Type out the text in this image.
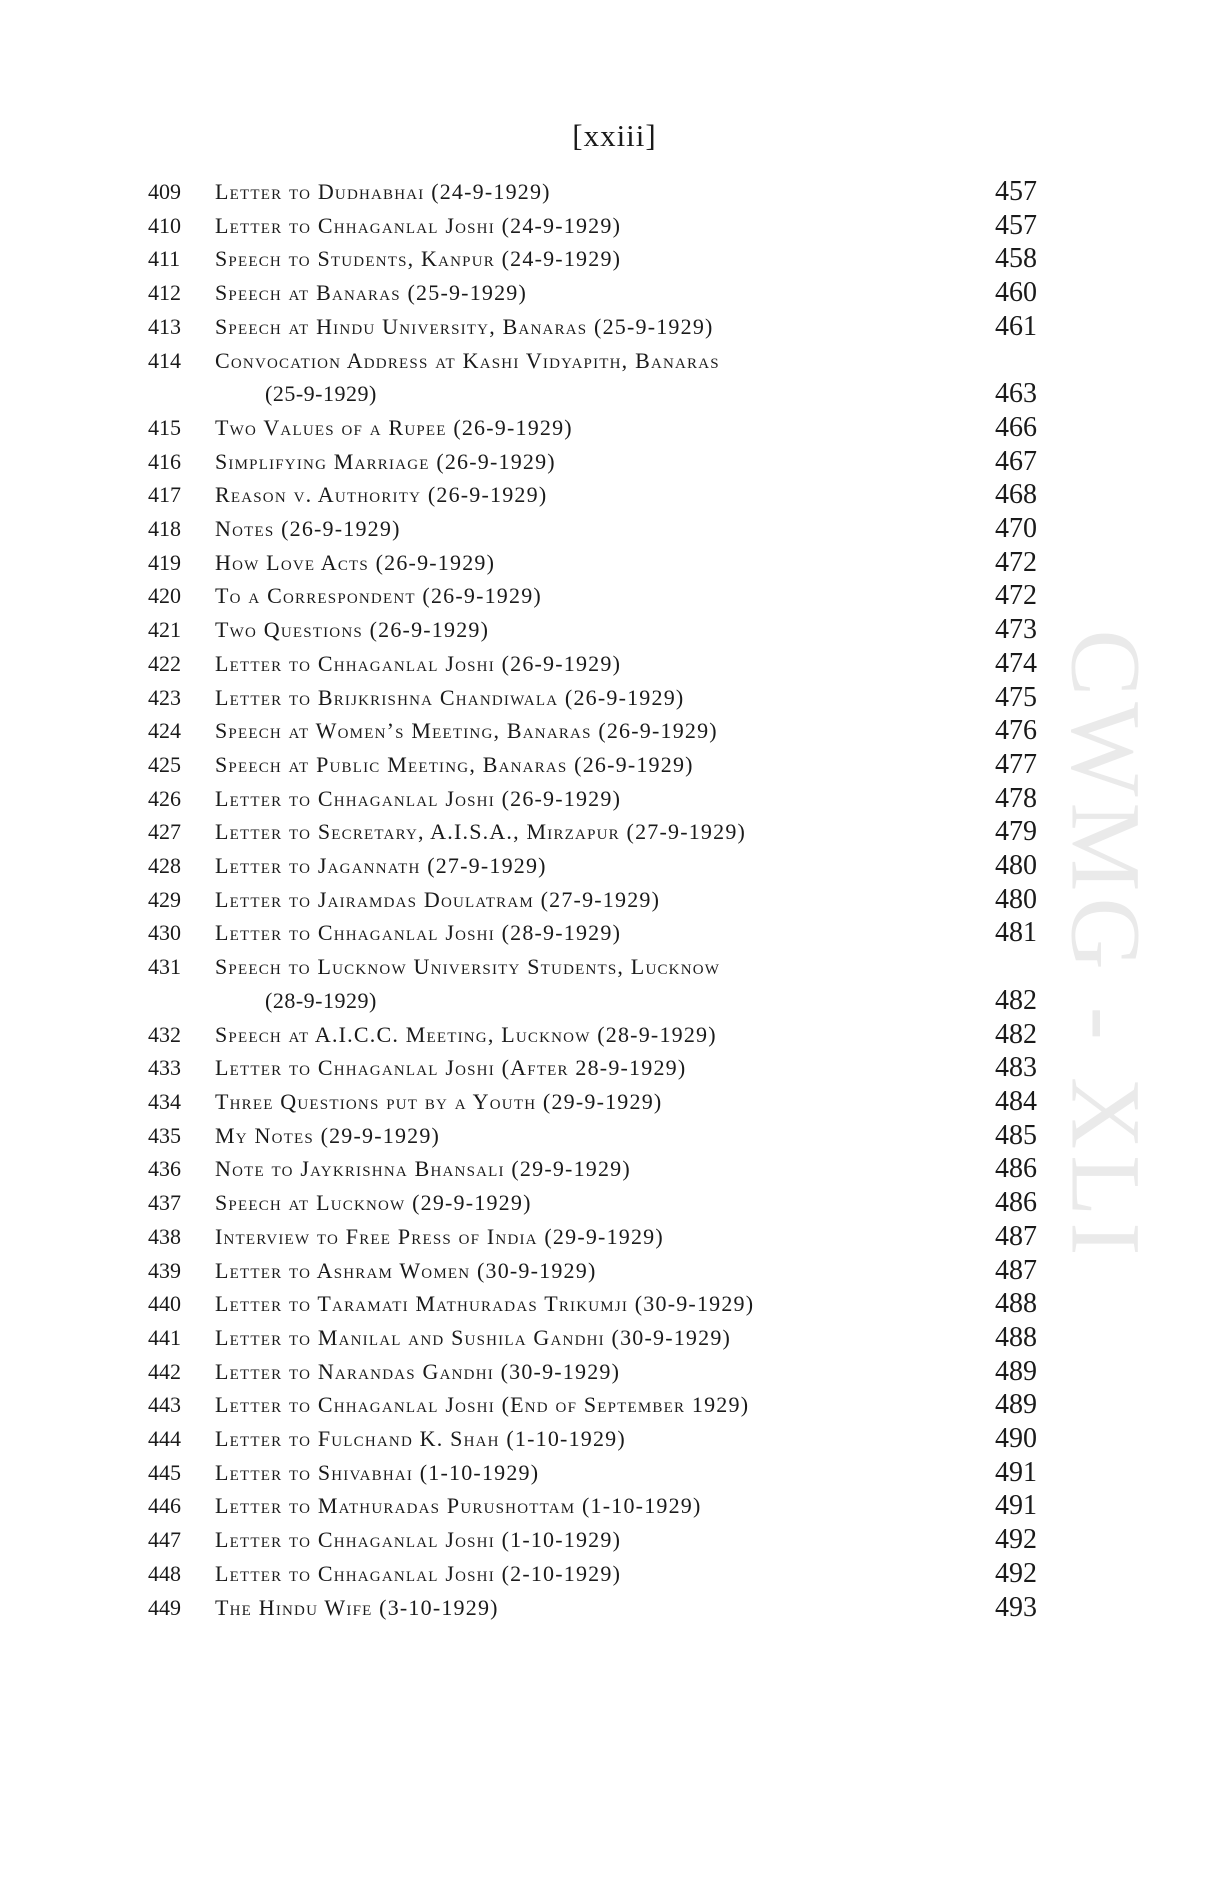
[xxiii]
CWMG - XLI
409 Letter to Dudhabhai (24-9-1929)	457
410 Letter to Chhaganlal Joshi (24-9-1929)	457
411 Speech to Students, Kanpur (24-9-1929)	458
412 Speech at Banaras (25-9-1929)	460
413 Speech at Hindu University, Banaras (25-9-1929)	461
414 Convocation Address at Kashi Vidyapith, Banaras
(25-9-1929)	463
415 Two Values of a Rupee (26-9-1929)	466
416 Simplifying Marriage (26-9-1929)	467
417 Reason v. Authority (26-9-1929)	468
418 Notes (26-9-1929)	470
419 How Love Acts (26-9-1929)	472
420 To a Correspondent (26-9-1929)	472
421 Two Questions (26-9-1929)	473
422 Letter to Chhaganlal Joshi (26-9-1929)	474
423 Letter to Brijkrishna Chandiwala (26-9-1929)	475
424 Speech at Women’s Meeting, Banaras (26-9-1929)	476
425 Speech at Public Meeting, Banaras (26-9-1929)	477
426 Letter to Chhaganlal Joshi (26-9-1929)	478
427 Letter to Secretary, A.I.S.A., Mirzapur (27-9-1929)	479
428 Letter to Jagannath (27-9-1929)	480
429 Letter to Jairamdas Doulatram (27-9-1929)	480
430 Letter to Chhaganlal Joshi (28-9-1929)	481
431 Speech to Lucknow University Students, Lucknow
(28-9-1929)	482
432 Speech at A.I.C.C. Meeting, Lucknow (28-9-1929)	482
433 Letter to Chhaganlal Joshi (After 28-9-1929)	483
434 Three Questions put by a Youth (29-9-1929)	484
435 My Notes (29-9-1929)	485
436 Note to Jaykrishna Bhansali (29-9-1929)	486
437 Speech at Lucknow (29-9-1929)	486
438 Interview to Free Press of India (29-9-1929)	487
439 Letter to Ashram Women (30-9-1929)	487
440 Letter to Taramati Mathuradas Trikumji (30-9-1929)	488
441 Letter to Manilal and Sushila Gandhi (30-9-1929)	488
442 Letter to Narandas Gandhi (30-9-1929)	489
443 Letter to Chhaganlal Joshi (End of September 1929)	489
444 Letter to Fulchand K. Shah (1-10-1929)	490
445 Letter to Shivabhai (1-10-1929)	491
446 Letter to Mathuradas Purushottam (1-10-1929)	491
447 Letter to Chhaganlal Joshi (1-10-1929)	492
448 Letter to Chhaganlal Joshi (2-10-1929)	492
449 The Hindu Wife (3-10-1929)	493
